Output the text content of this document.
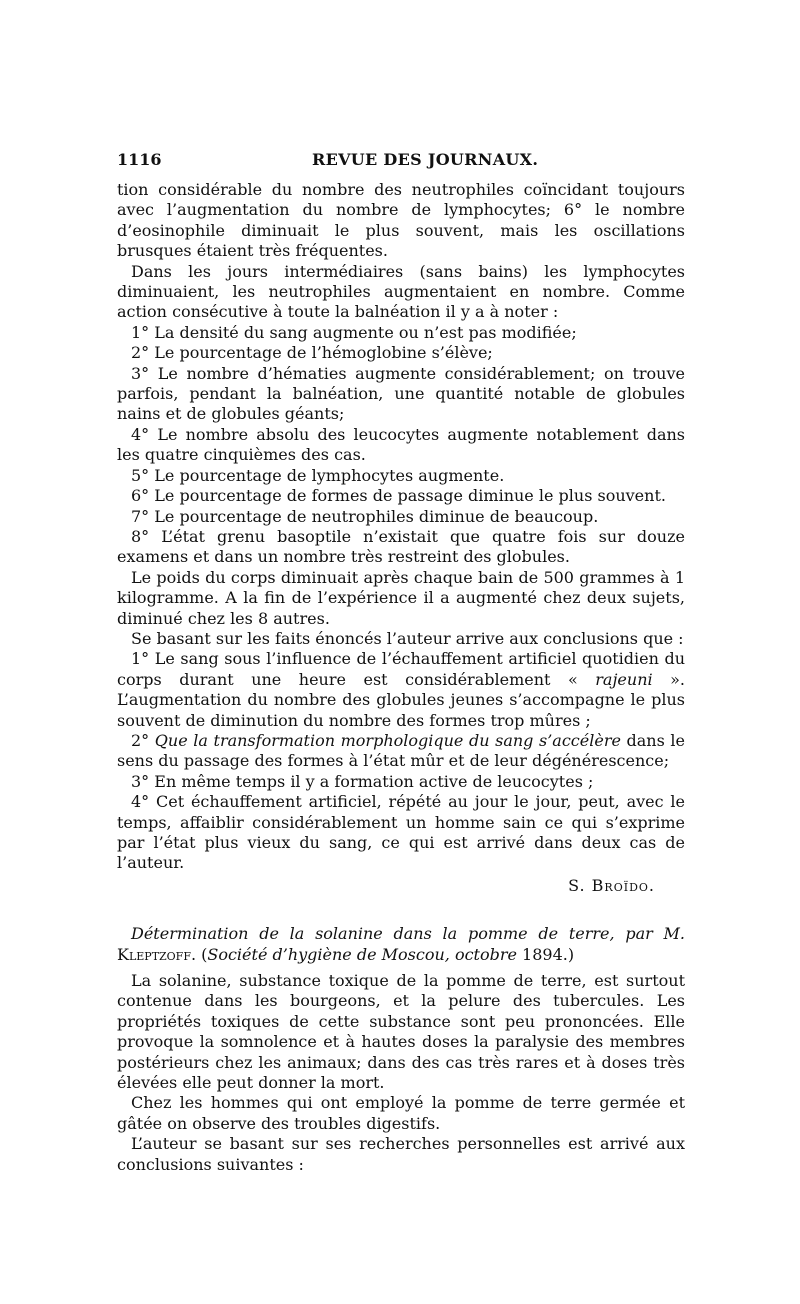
1116	REVUE DES JOURNAUX.

tion considérable du nombre des neutrophiles coïncidant toujours avec l’augmentation du nombre de lymphocytes; 6° le nombre d’eosinophile diminuait le plus souvent, mais les oscillations brusques étaient très fréquentes.

Dans les jours intermédiaires (sans bains) les lymphocytes diminuaient, les neutrophiles augmentaient en nombre. Comme action consécutive à toute la balnéation il y a à noter :

1° La densité du sang augmente ou n’est pas modifiée;

2° Le pourcentage de l’hémoglobine s’élève;

3° Le nombre d’hématies augmente considérablement; on trouve parfois, pendant la balnéation, une quantité notable de globules nains et de globules géants;

4° Le nombre absolu des leucocytes augmente notablement dans les quatre cinquièmes des cas.

5° Le pourcentage de lymphocytes augmente.

6° Le pourcentage de formes de passage diminue le plus souvent.

7° Le pourcentage de neutrophiles diminue de beaucoup.

8° L’état grenu basoptile n’existait que quatre fois sur douze examens et dans un nombre très restreint des globules.

Le poids du corps diminuait après chaque bain de 500 grammes à 1 kilogramme. A la fin de l’expérience il a augmenté chez deux sujets, diminué chez les 8 autres.

Se basant sur les faits énoncés l’auteur arrive aux conclusions que :

1° Le sang sous l’influence de l’échauffement artificiel quotidien du corps durant une heure est considérablement « rajeuni ». L’augmentation du nombre des globules jeunes s’accompagne le plus souvent de diminution du nombre des formes trop mûres ;

2° Que la transformation morphologique du sang s’accélère dans le sens du passage des formes à l’état mûr et de leur dégénérescence;

3° En même temps il y a formation active de leucocytes ;

4° Cet échauffement artificiel, répété au jour le jour, peut, avec le temps, affaiblir considérablement un homme sain ce qui s’exprime par l’état plus vieux du sang, ce qui est arrivé dans deux cas de l’auteur.

S. Broïdo.

Détermination de la solanine dans la pomme de terre, par M. Kleptzoff. (Société d’hygiène de Moscou, octobre 1894.)

La solanine, substance toxique de la pomme de terre, est surtout contenue dans les bourgeons, et la pelure des tubercules. Les propriétés toxiques de cette substance sont peu prononcées. Elle provoque la somnolence et à hautes doses la paralysie des membres postérieurs chez les animaux; dans des cas très rares et à doses très élevées elle peut donner la mort.

Chez les hommes qui ont employé la pomme de terre germée et gâtée on observe des troubles digestifs.

L’auteur se basant sur ses recherches personnelles est arrivé aux conclusions suivantes :
